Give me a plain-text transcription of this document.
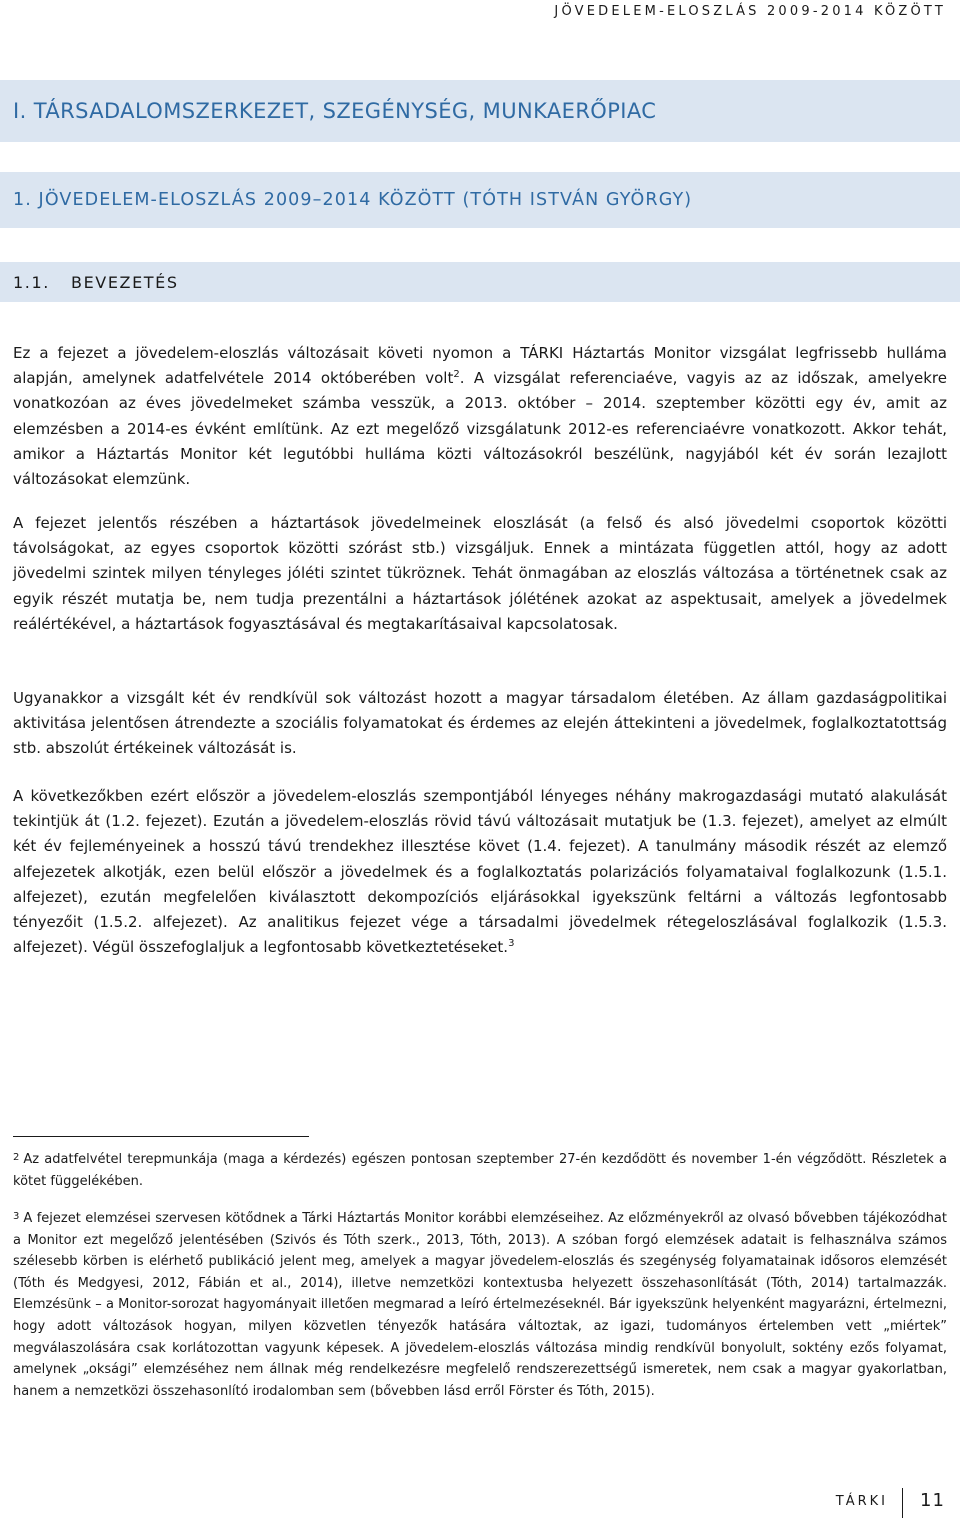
JÖVEDELEM-ELOSZLÁS 2009-2014 KÖZÖTT
I. TÁRSADALOMSZERKEZET, SZEGÉNYSÉG, MUNKAERŐPIAC
1. JÖVEDELEM-ELOSZLÁS 2009–2014 KÖZÖTT (TÓTH ISTVÁN GYÖRGY)
1.1.	BEVEZETÉS

Ez a fejezet a jövedelem-eloszlás változásait követi nyomon a TÁRKI Háztartás Monitor vizsgálat legfrissebb hulláma alapján, amelynek adatfelvétele 2014 októberében volt$^2$. A vizsgálat referenciaéve, vagyis az az időszak, amelyekre vonatkozóan az éves jövedelmeket számba vesszük, a 2013. október – 2014. szeptember közötti egy év, amit az elemzésben a 2014-es évként említünk. Az ezt megelőző vizsgálatunk 2012-es referenciaévre vonatkozott. Akkor tehát, amikor a Háztartás Monitor két legutóbbi hulláma közti változásokról beszélünk, nagyjából két év során lezajlott változásokat elemzünk.

A fejezet jelentős részében a háztartások jövedelmeinek eloszlását (a felső és alsó jövedelmi csoportok közötti távolságokat, az egyes csoportok közötti szórást stb.) vizsgáljuk. Ennek a mintázata független attól, hogy az adott jövedelmi szintek milyen tényleges jóléti szintet tükröznek. Tehát önmagában az eloszlás változása a történetnek csak az egyik részét mutatja be, nem tudja prezentálni a háztartások jólétének azokat az aspektusait, amelyek a jövedelmek reálértékével, a háztartások fogyasztásával és megtakarításaival kapcsolatosak.

Ugyanakkor a vizsgált két év rendkívül sok változást hozott a magyar társadalom életében. Az állam gazdaságpolitikai aktivitása jelentősen átrendezte a szociális folyamatokat és érdemes az elején áttekinteni a jövedelmek, foglalkoztatottság stb. abszolút értékeinek változását is.

A következőkben ezért először a jövedelem-eloszlás szempontjából lényeges néhány makrogazdasági mutató alakulását tekintjük át (1.2. fejezet). Ezután a jövedelem-eloszlás rövid távú változásait mutatjuk be (1.3. fejezet), amelyet az elmúlt két év fejleményeinek a hosszú távú trendekhez illesztése követ (1.4. fejezet). A tanulmány második részét az elemző alfejezetek alkotják, ezen belül először a jövedelmek és a foglalkoztatás polarizációs folyamataival foglalkozunk (1.5.1. alfejezet), ezután megfelelően kiválasztott dekompozíciós eljárásokkal igyekszünk feltárni a változás legfontosabb tényezőit (1.5.2. alfejezet). Az analitikus fejezet vége a társadalmi jövedelmek rétegeloszlásával foglalkozik (1.5.3. alfejezet). Végül összefoglaljuk a legfontosabb következtetéseket.$^3$

$^2$ Az adatfelvétel terepmunkája (maga a kérdezés) egészen pontosan szeptember 27-én kezdődött és november 1-én végződött. Részletek a kötet függelékében.
$^3$ A fejezet elemzései szervesen kötődnek a Tárki Háztartás Monitor korábbi elemzéseihez. Az előzményekről az olvasó bővebben tájékozódhat a Monitor ezt megelőző jelentésében (Szivós és Tóth szerk., 2013, Tóth, 2013). A szóban forgó elemzések adatait is felhasználva számos szélesebb körben is elérhető publikáció jelent meg, amelyek a magyar jövedelem-eloszlás és szegénység folyamatainak idősoros elemzését (Tóth és Medgyesi, 2012, Fábián et al., 2014), illetve nemzetközi kontextusba helyezett összehasonlítását (Tóth, 2014) tartalmazzák. Elemzésünk – a Monitor-sorozat hagyományait illetően megmarad a leíró értelmezéseknél. Bár igyekszünk helyenként magyarázni, értelmezni, hogy adott változások hogyan, milyen közvetlen tényezők hatására változtak, az igazi, tudományos értelemben vett „miértek” megválaszolására csak korlátozottan vagyunk képesek. A jövedelem-eloszlás változása mindig rendkívül bonyolult, soktény ezős folyamat, amelynek „oksági” elemzéséhez nem állnak még rendelkezésre megfelelő rendszerezettségű ismeretek, nem csak a magyar gyakorlatban, hanem a nemzetközi összehasonlító irodalomban sem (bővebben lásd erről Förster és Tóth, 2015).
TÁRKI 11
